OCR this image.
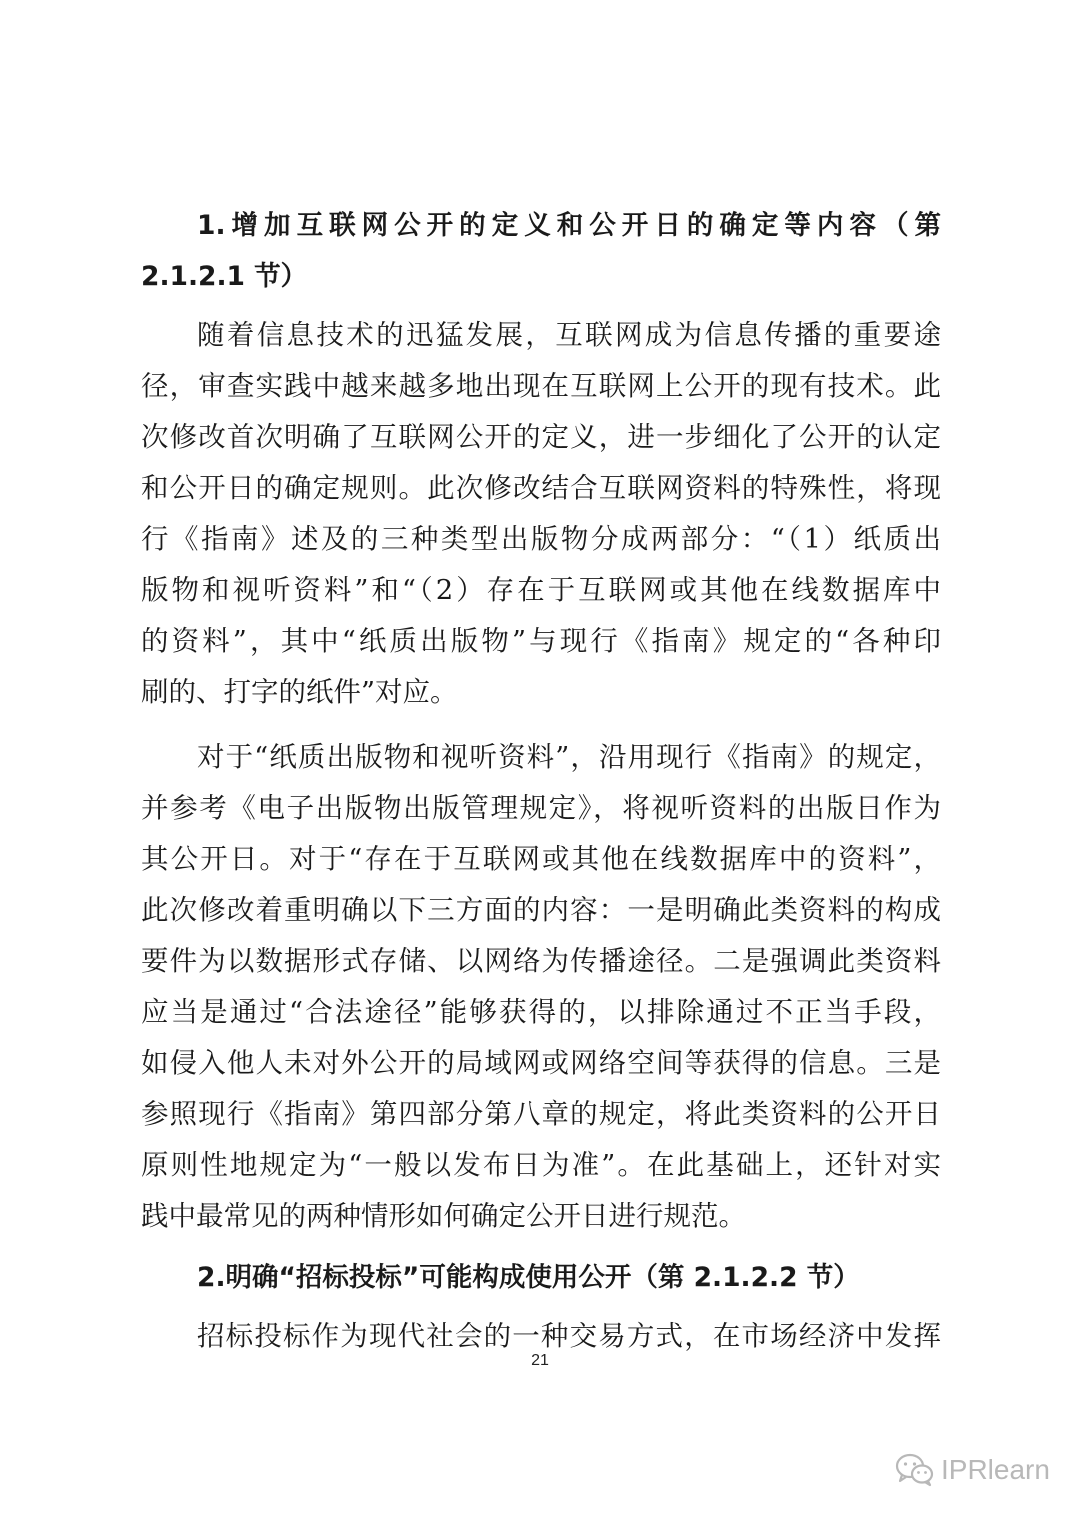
1.增加互联网公开的定义和公开日的确定等内容（第
2.1.2.1 节）
随着信息技术的迅猛发展，互联网成为信息传播的重要途
径，审查实践中越来越多地出现在互联网上公开的现有技术。此
次修改首次明确了互联网公开的定义，进一步细化了公开的认定
和公开日的确定规则。此次修改结合互联网资料的特殊性，将现
行《指南》述及的三种类型出版物分成两部分：“（1）纸质出
版物和视听资料”和“（2）存在于互联网或其他在线数据库中
的资料”，其中“纸质出版物”与现行《指南》规定的“各种印
刷的、打字的纸件”对应。
对于“纸质出版物和视听资料”，沿用现行《指南》的规定，
并参考《电子出版物出版管理规定》，将视听资料的出版日作为
其公开日。对于“存在于互联网或其他在线数据库中的资料”，
此次修改着重明确以下三方面的内容：一是明确此类资料的构成
要件为以数据形式存储、以网络为传播途径。二是强调此类资料
应当是通过“合法途径”能够获得的，以排除通过不正当手段，
如侵入他人未对外公开的局域网或网络空间等获得的信息。三是
参照现行《指南》第四部分第八章的规定，将此类资料的公开日
原则性地规定为“一般以发布日为准”。在此基础上，还针对实
践中最常见的两种情形如何确定公开日进行规范。
2.明确“招标投标”可能构成使用公开（第 2.1.2.2 节）
招标投标作为现代社会的一种交易方式，在市场经济中发挥
21
IPRlearn
